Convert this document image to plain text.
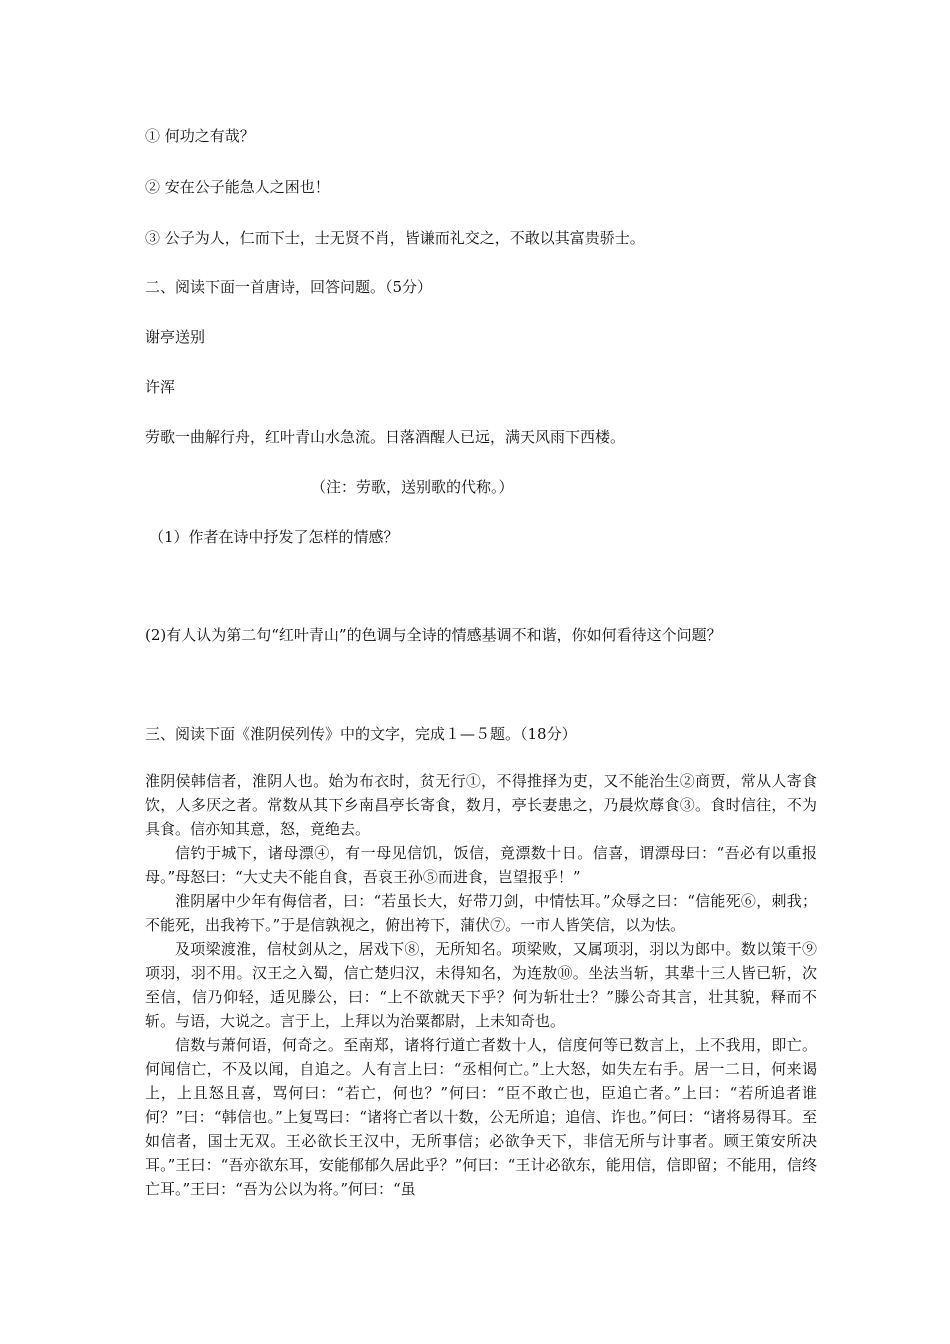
① 何功之有哉？
② 安在公子能急人之困也！
③ 公子为人，仁而下士，士无贤不肖，皆谦而礼交之，不敢以其富贵骄士。
二、阅读下面一首唐诗，回答问题。（5分）
谢亭送别
许浑
劳歌一曲解行舟，红叶青山水急流。日落酒醒人已远，满天风雨下西楼。
（注：劳歌，送别歌的代称。）
（1）作者在诗中抒发了怎样的情感？
(2)有人认为第二句“红叶青山”的色调与全诗的情感基调不和谐，你如何看待这个问题？
三、阅读下面《淮阴侯列传》中的文字，完成１—５题。（18分）

淮阴侯韩信者，淮阴人也。始为布衣时，贫无行①，不得推择为吏，又不能治生②商贾，常从人寄食饮，人多厌之者。常数从其下乡南昌亭长寄食，数月，亭长妻患之，乃晨炊蓐食③。食时信往，不为具食。信亦知其意，怒，竟绝去。

信钓于城下，诸母漂④，有一母见信饥，饭信，竟漂数十日。信喜，谓漂母曰：“吾必有以重报母。”母怒曰：“大丈夫不能自食，吾哀王孙⑤而进食，岂望报乎！”

淮阴屠中少年有侮信者，曰：“若虽长大，好带刀剑，中情怯耳。”众辱之曰：“信能死⑥，刺我；不能死，出我袴下。”于是信孰视之，俯出袴下，蒲伏⑦。一市人皆笑信，以为怯。

及项梁渡淮，信杖剑从之，居戏下⑧，无所知名。项梁败，又属项羽，羽以为郎中。数以策干⑨项羽，羽不用。汉王之入蜀，信亡楚归汉，未得知名，为连敖⑩。坐法当斩，其辈十三人皆已斩，次至信，信乃仰轻，适见滕公，曰：“上不欲就天下乎？何为斩壮士？”滕公奇其言，壮其貌，释而不斩。与语，大说之。言于上，上拜以为治粟都尉，上未知奇也。

信数与萧何语，何奇之。至南郑，诸将行道亡者数十人，信度何等已数言上，上不我用，即亡。何闻信亡，不及以闻，自追之。人有言上曰：“丞相何亡。”上大怒，如失左右手。居一二日，何来谒上，上且怒且喜，骂何曰：“若亡，何也？”何曰：“臣不敢亡也，臣追亡者。”上曰：“若所追者谁何？”曰：“韩信也。”上复骂曰：“诸将亡者以十数，公无所追；追信、诈也。”何曰：“诸将易得耳。至如信者，国士无双。王必欲长王汉中，无所事信；必欲争天下，非信无所与计事者。顾王策安所决耳。”王曰：“吾亦欲东耳，安能郁郁久居此乎？”何曰：“王计必欲东，能用信，信即留；不能用，信终亡耳。”王曰：“吾为公以为将。”何曰：“虽
